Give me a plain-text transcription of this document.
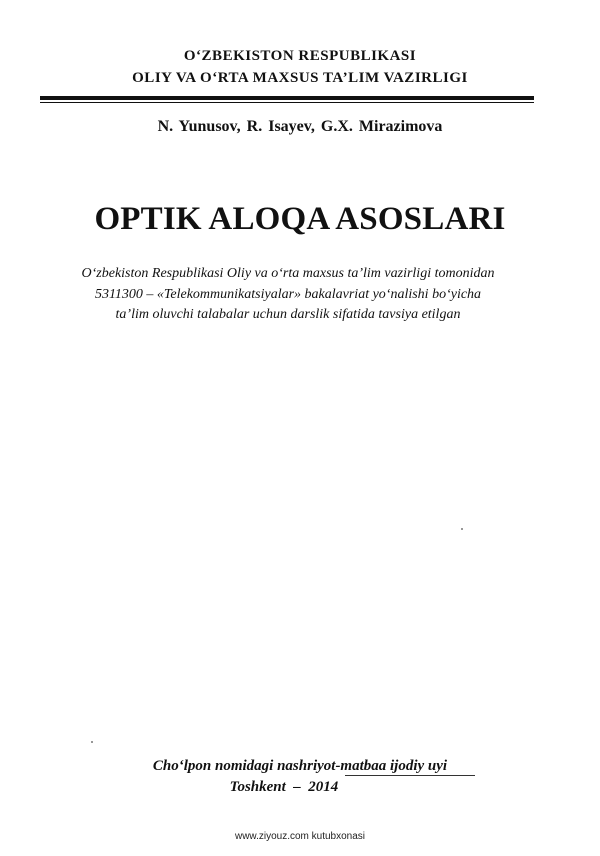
O‘ZBEKISTON RESPUBLIKASI
OLIY VA O‘RTA MAXSUS TA’LIM VAZIRLIGI
N. Yunusov, R. Isayev, G.X. Mirazimova
OPTIK ALOQA ASOSLARI
O‘zbekiston Respublikasi Oliy va o‘rta maxsus ta’lim vazirligi tomonidan
5311300 – «Telekommunikatsiyalar» bakalavriat yo‘nalishi bo‘yicha
ta’lim oluvchi talabalar uchun darslik sifatida tavsiya etilgan
Cho‘lpon nomidagi nashriyot-matbaa ijodiy uyi
Toshkent  –  2014
www.ziyouz.com kutubxonasi
